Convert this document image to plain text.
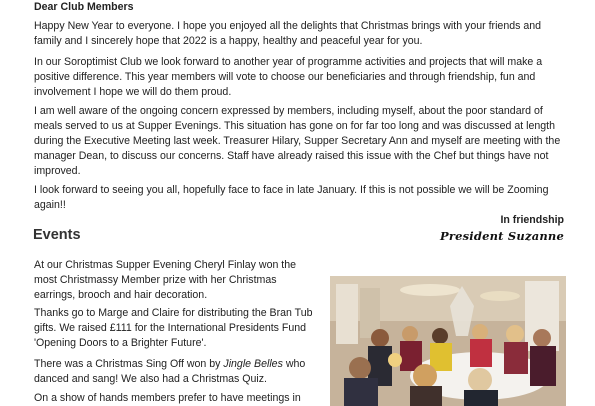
Dear Club Members

Happy New Year to everyone. I hope you enjoyed all the delights that Christmas brings with your friends and family and I sincerely hope that 2022 is a happy, healthy and peaceful year for you.

In our Soroptimist Club we look forward to another year of programme activities and projects that will make a positive difference. This year members will vote to choose our beneficiaries and through friendship, fun and involvement I hope we will do them proud.

I am well aware of the ongoing concern expressed by members, including myself, about the poor standard of meals served to us at Supper Evenings. This situation has gone on for far too long and was discussed at length during the Executive Meeting last week. Treasurer Hilary, Supper Secretary Ann and myself are meeting with the manager Dean, to discuss our concerns. Staff have already raised this issue with the Chef but things have not improved.

I look forward to seeing you all, hopefully face to face in late January. If this is not possible we will be Zooming again!!

In friendship
President Suzanne
Events

At our Christmas Supper Evening Cheryl Finlay won the most Christmassy Member prize with her Christmas earrings, brooch and hair decoration.

Thanks go to Marge and Claire for distributing the Bran Tub gifts. We raised £111 for the International Presidents Fund 'Opening Doors to a Brighter Future'.

There was a Christmas Sing Off won by Jingle Belles who danced and sang! We also had a Christmas Quiz.

On a show of hands members prefer to have meetings in
